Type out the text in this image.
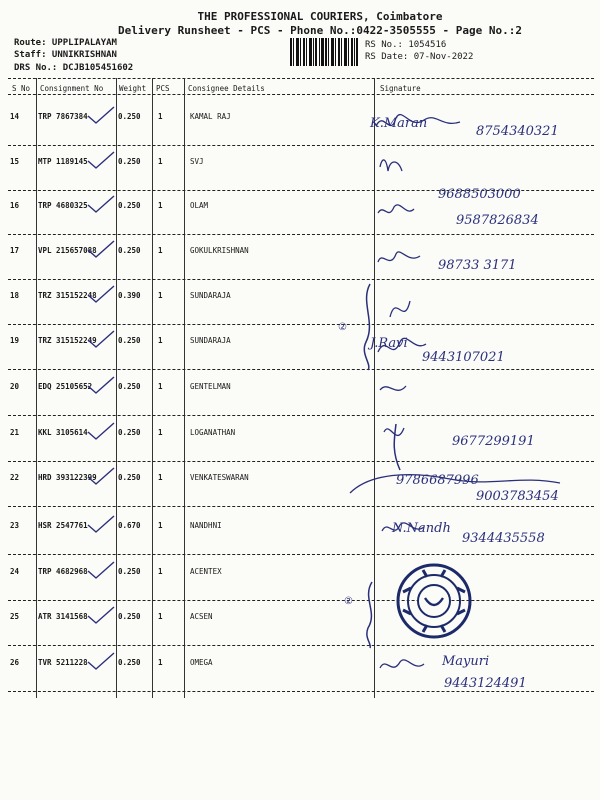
THE PROFESSIONAL COURIERS, Coimbatore
Delivery Runsheet - PCS - Phone No.:0422-3505555 - Page No.:2
Route: UPPLIPALAYAM
Staff: UNNIKRISHNAN
DRS No.: DCJB105451602
RS No.: 1054516
RS Date: 07-Nov-2022
S No Consignment No Weight PCS Consignee Details	Signature
14	TRP 7867384	0.250 1	KAMAL RAJ	K.Maran
8754340321
15	MTP 1189145	0.250 1	SVJ
9688503000
16	TRP 4680325	0.250 1	OLAM
9587826834
17	VPL 215657088	0.250 1	GOKULKRISHNAN
98733 3171
18	TRZ 315152248	0.390 1	SUNDARAJA
19	TRZ 315152249	0.250 1	SUNDARAJA	J.Ravi
9443107021
20	EDQ 25105652	0.250 1	GENTELMAN
21	KKL 3105614	0.250 1	LOGANATHAN
9677299191
22	HRD 393122399	0.250 1	VENKATESWARAN	9786687996
9003783454
23	HSR 2547761	0.670 1	NANDHNI	N.Nandh
9344435558
24	TRP 4682968	0.250 1	ACENTEX
25	ATR 3141568	0.250 1	ACSEN
26	TVR 5211228	0.250 1	OMEGA	Mayuri
9443124491
②
②
